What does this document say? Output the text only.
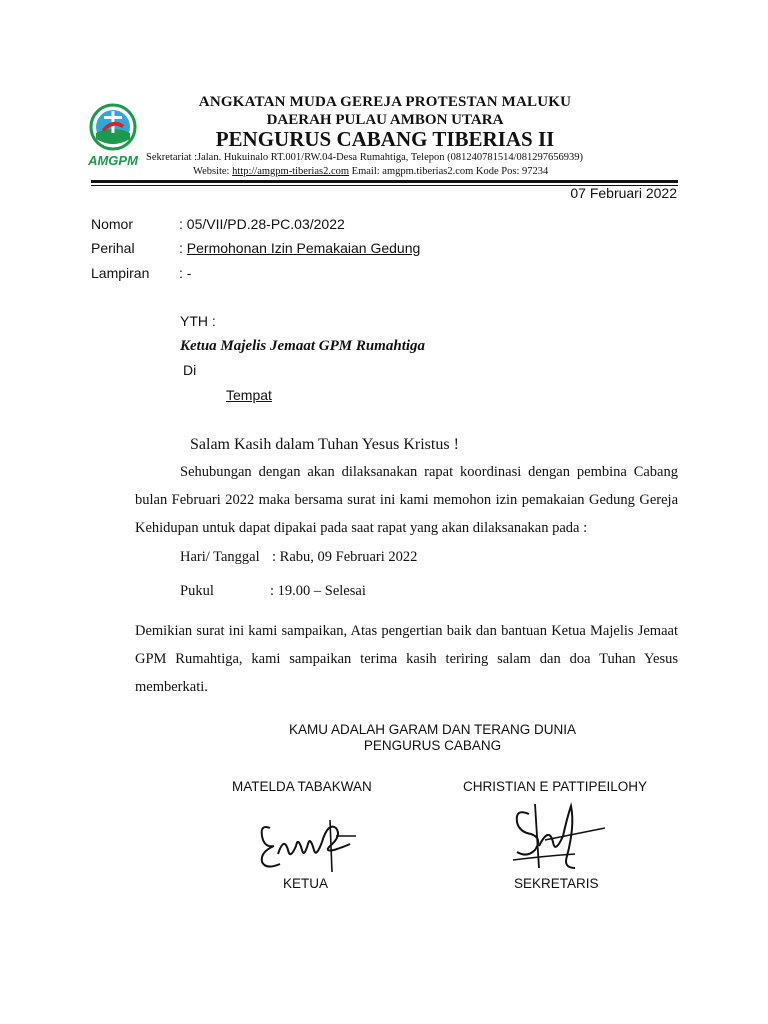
AMGPM
ANGKATAN MUDA GEREJA PROTESTAN MALUKU
DAERAH PULAU AMBON UTARA
PENGURUS CABANG TIBERIAS II
Sekretariat :Jalan. Hukuinalo RT.001/RW.04-Desa Rumahtiga, Telepon (081240781514/081297656939)
Website: http://amgpm-tiberias2.com Email: amgpm.tiberias2.com Kode Pos: 97234
07 Februari 2022
Nomor	: 05/VII/PD.28-PC.03/2022
Perihal	: Permohonan Izin Pemakaian Gedung
Lampiran : -
YTH :
Ketua Majelis Jemaat GPM Rumahtiga
Di
Tempat
Salam Kasih dalam Tuhan Yesus Kristus !
Sehubungan dengan akan dilaksanakan rapat koordinasi dengan pembina Cabang bulan Februari 2022 maka bersama surat ini kami memohon izin pemakaian Gedung Gereja Kehidupan untuk dapat dipakai pada saat rapat yang akan dilaksanakan pada :
Hari/ Tanggal : Rabu, 09 Februari 2022
Pukul	: 19.00 – Selesai
Demikian surat ini kami sampaikan, Atas pengertian baik dan bantuan Ketua Majelis Jemaat GPM Rumahtiga, kami sampaikan terima kasih teriring salam dan doa Tuhan Yesus memberkati.
KAMU ADALAH GARAM DAN TERANG DUNIA
PENGURUS CABANG
MATELDA TABAKWAN	CHRISTIAN E PATTIPEILOHY
KETUA	SEKRETARIS
